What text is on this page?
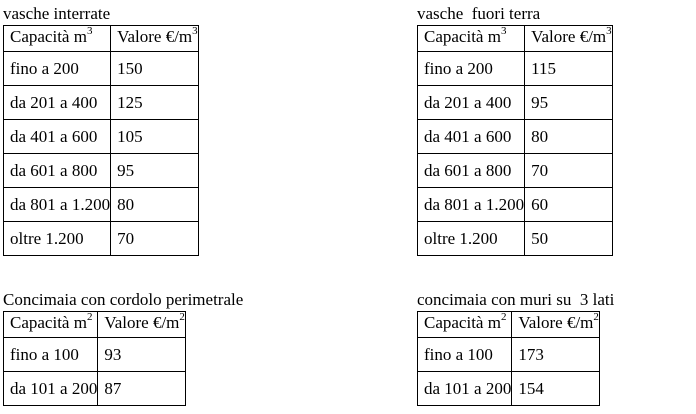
vasche interrate
Capacità $m^3$	Valore $€/m^3$
fino a 200	150
da 201 a 400	125
da 401 a 600	105
da 601 a 800	95
da 801 a 1.200	80
oltre 1.200	70
vasche  fuori terra
Capacità $m^3$	Valore $€/m^3$
fino a 200	115
da 201 a 400	95
da 401 a 600	80
da 601 a 800	70
da 801 a 1.200	60
oltre 1.200	50
Concimaia con cordolo perimetrale
Capacità $m^2$	Valore $€/m^2$
fino a 100	93
da 101 a 200	87
concimaia con muri su  3 lati
Capacità $m^2$	Valore $€/m^2$
fino a 100	173
da 101 a 200	154
